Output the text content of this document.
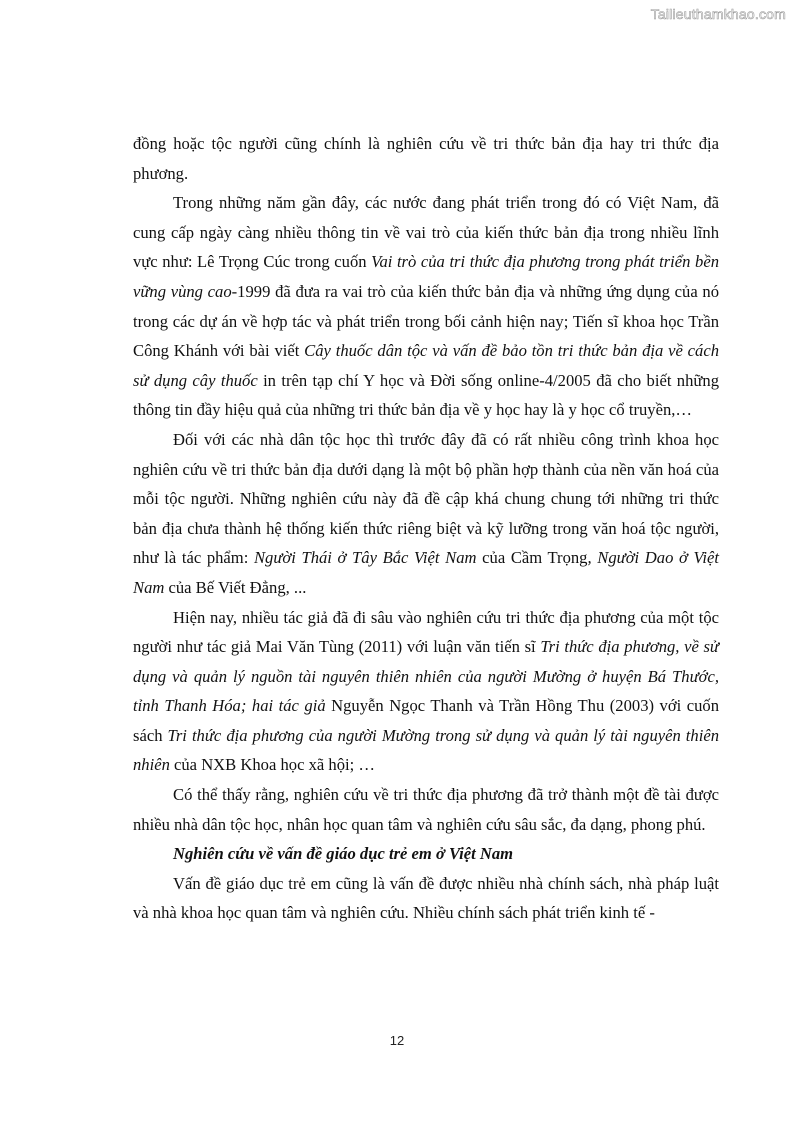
Tailieuthamkhao.com

đồng hoặc tộc người cũng chính là nghiên cứu về tri thức bản địa hay tri thức địa phương.

Trong những năm gần đây, các nước đang phát triển trong đó có Việt Nam, đã cung cấp ngày càng nhiều thông tin về vai trò của kiến thức bản địa trong nhiều lĩnh vực như: Lê Trọng Cúc trong cuốn Vai trò của tri thức địa phương trong phát triển bền vững vùng cao-1999 đã đưa ra vai trò của kiến thức bản địa và những ứng dụng của nó trong các dự án về hợp tác và phát triển trong bối cảnh hiện nay; Tiến sĩ khoa học Trần Công Khánh với bài viết Cây thuốc dân tộc và vấn đề bảo tồn tri thức bản địa về cách sử dụng cây thuốc in trên tạp chí Y học và Đời sống online-4/2005 đã cho biết những thông tin đầy hiệu quả của những tri thức bản địa về y học hay là y học cổ truyền,…

Đối với các nhà dân tộc học thì trước đây đã có rất nhiều công trình khoa học nghiên cứu về tri thức bản địa dưới dạng là một bộ phần hợp thành của nền văn hoá của mỗi tộc người. Những nghiên cứu này đã đề cập khá chung chung tới những tri thức bản địa chưa thành hệ thống kiến thức riêng biệt và kỹ lưỡng trong văn hoá tộc người, như là tác phẩm: Người Thái ở Tây Bắc Việt Nam của Cầm Trọng, Người Dao ở Việt Nam của Bế Viết Đẳng, ...

Hiện nay, nhiều tác giả đã đi sâu vào nghiên cứu tri thức địa phương của một tộc người như tác giả Mai Văn Tùng (2011) với luận văn tiến sĩ Tri thức địa phương, về sử dụng và quản lý nguồn tài nguyên thiên nhiên của người Mường ở huyện Bá Thước, tỉnh Thanh Hóa; hai tác giả Nguyễn Ngọc Thanh và Trần Hồng Thu (2003) với cuốn sách Tri thức địa phương của người Mường trong sử dụng và quản lý tài nguyên thiên nhiên của NXB Khoa học xã hội; …

Có thể thấy rằng, nghiên cứu về tri thức địa phương đã trở thành một đề tài được nhiều nhà dân tộc học, nhân học quan tâm và nghiên cứu sâu sắc, đa dạng, phong phú.

Nghiên cứu về vấn đề giáo dục trẻ em ở Việt Nam

Vấn đề giáo dục trẻ em cũng là vấn đề được nhiều nhà chính sách, nhà pháp luật và nhà khoa học quan tâm và nghiên cứu. Nhiều chính sách phát triển kinh tế -

12
